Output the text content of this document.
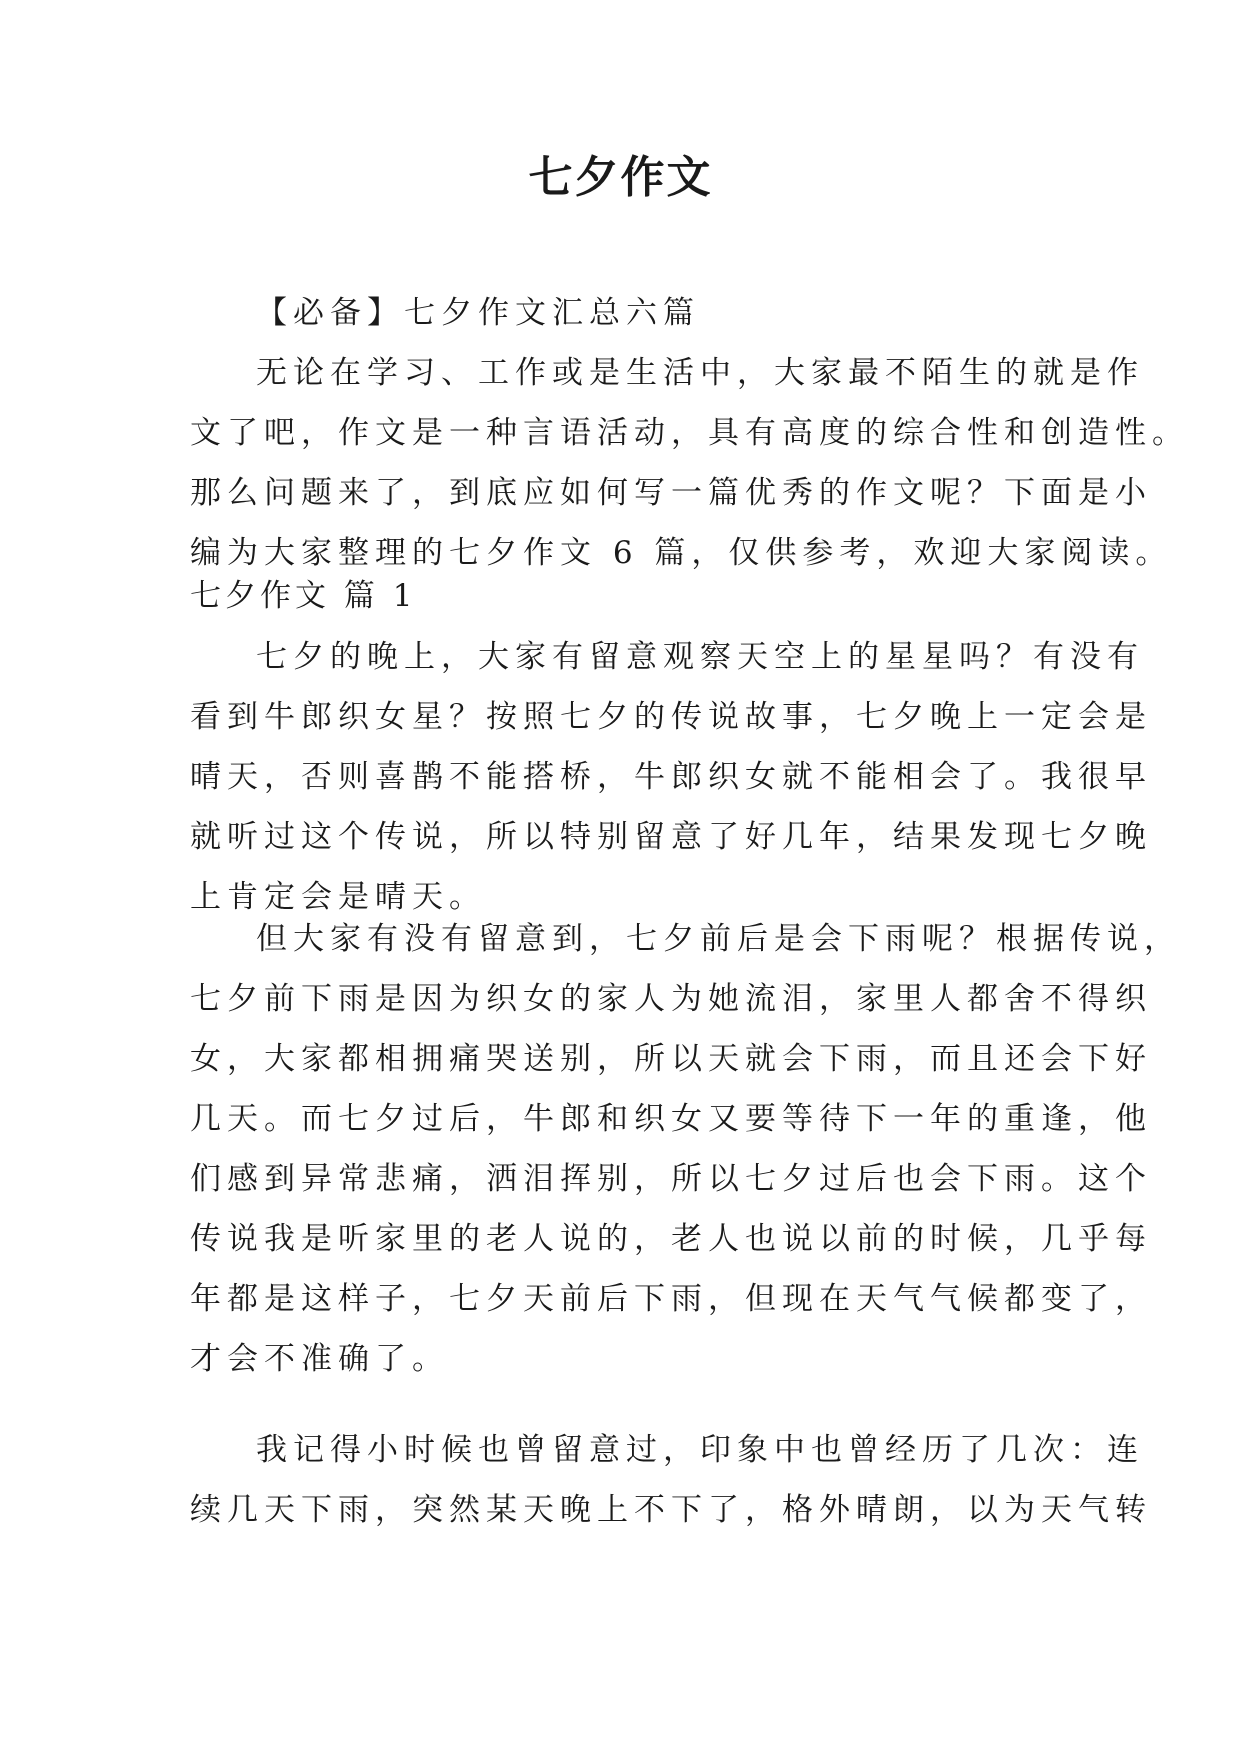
七夕作文
【必备】七夕作文汇总六篇
无论在学习、工作或是生活中，大家最不陌生的就是作
文了吧，作文是一种言语活动，具有高度的综合性和创造性。
那么问题来了，到底应如何写一篇优秀的作文呢？下面是小
编为大家整理的七夕作文 6 篇，仅供参考，欢迎大家阅读。
七夕作文 篇 1
七夕的晚上，大家有留意观察天空上的星星吗？有没有
看到牛郎织女星？按照七夕的传说故事，七夕晚上一定会是
晴天，否则喜鹊不能搭桥，牛郎织女就不能相会了。我很早
就听过这个传说，所以特别留意了好几年，结果发现七夕晚
上肯定会是晴天。
但大家有没有留意到，七夕前后是会下雨呢？根据传说，
七夕前下雨是因为织女的家人为她流泪，家里人都舍不得织
女，大家都相拥痛哭送别，所以天就会下雨，而且还会下好
几天。而七夕过后，牛郎和织女又要等待下一年的重逢，他
们感到异常悲痛，洒泪挥别，所以七夕过后也会下雨。这个
传说我是听家里的老人说的，老人也说以前的时候，几乎每
年都是这样子，七夕天前后下雨，但现在天气气候都变了，
才会不准确了。
我记得小时候也曾留意过，印象中也曾经历了几次：连
续几天下雨，突然某天晚上不下了，格外晴朗，以为天气转
